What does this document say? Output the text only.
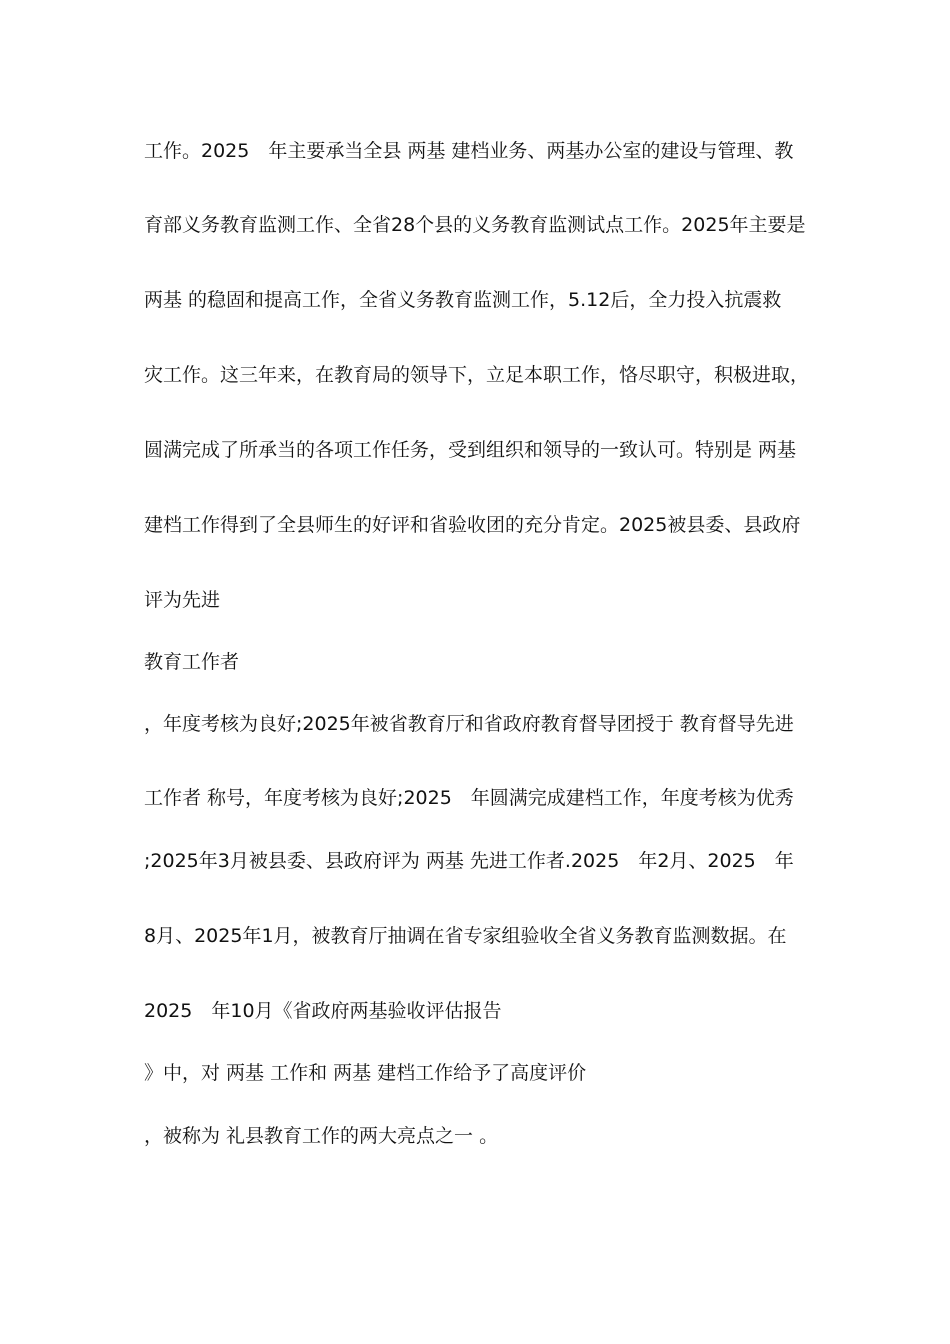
工作。2025　年主要承当全县 两基 建档业务、两基办公室的建设与管理、教
育部义务教育监测工作、全省28个县的义务教育监测试点工作。2025年主要是
两基 的稳固和提高工作，全省义务教育监测工作，5.12后，全力投入抗震救
灾工作。这三年来，在教育局的领导下，立足本职工作，恪尽职守，积极进取，
圆满完成了所承当的各项工作任务，受到组织和领导的一致认可。特别是 两基
建档工作得到了全县师生的好评和省验收团的充分肯定。2025被县委、县政府
评为先进
教育工作者
，年度考核为良好;2025年被省教育厅和省政府教育督导团授于 教育督导先进
工作者 称号，年度考核为良好;2025　年圆满完成建档工作，年度考核为优秀
;2025年3月被县委、县政府评为 两基 先进工作者.2025　年2月、2025　年
8月、2025年1月，被教育厅抽调在省专家组验收全省义务教育监测数据。在
2025　年10月《省政府两基验收评估报告
》中，对 两基 工作和 两基 建档工作给予了高度评价
，被称为 礼县教育工作的两大亮点之一 。
